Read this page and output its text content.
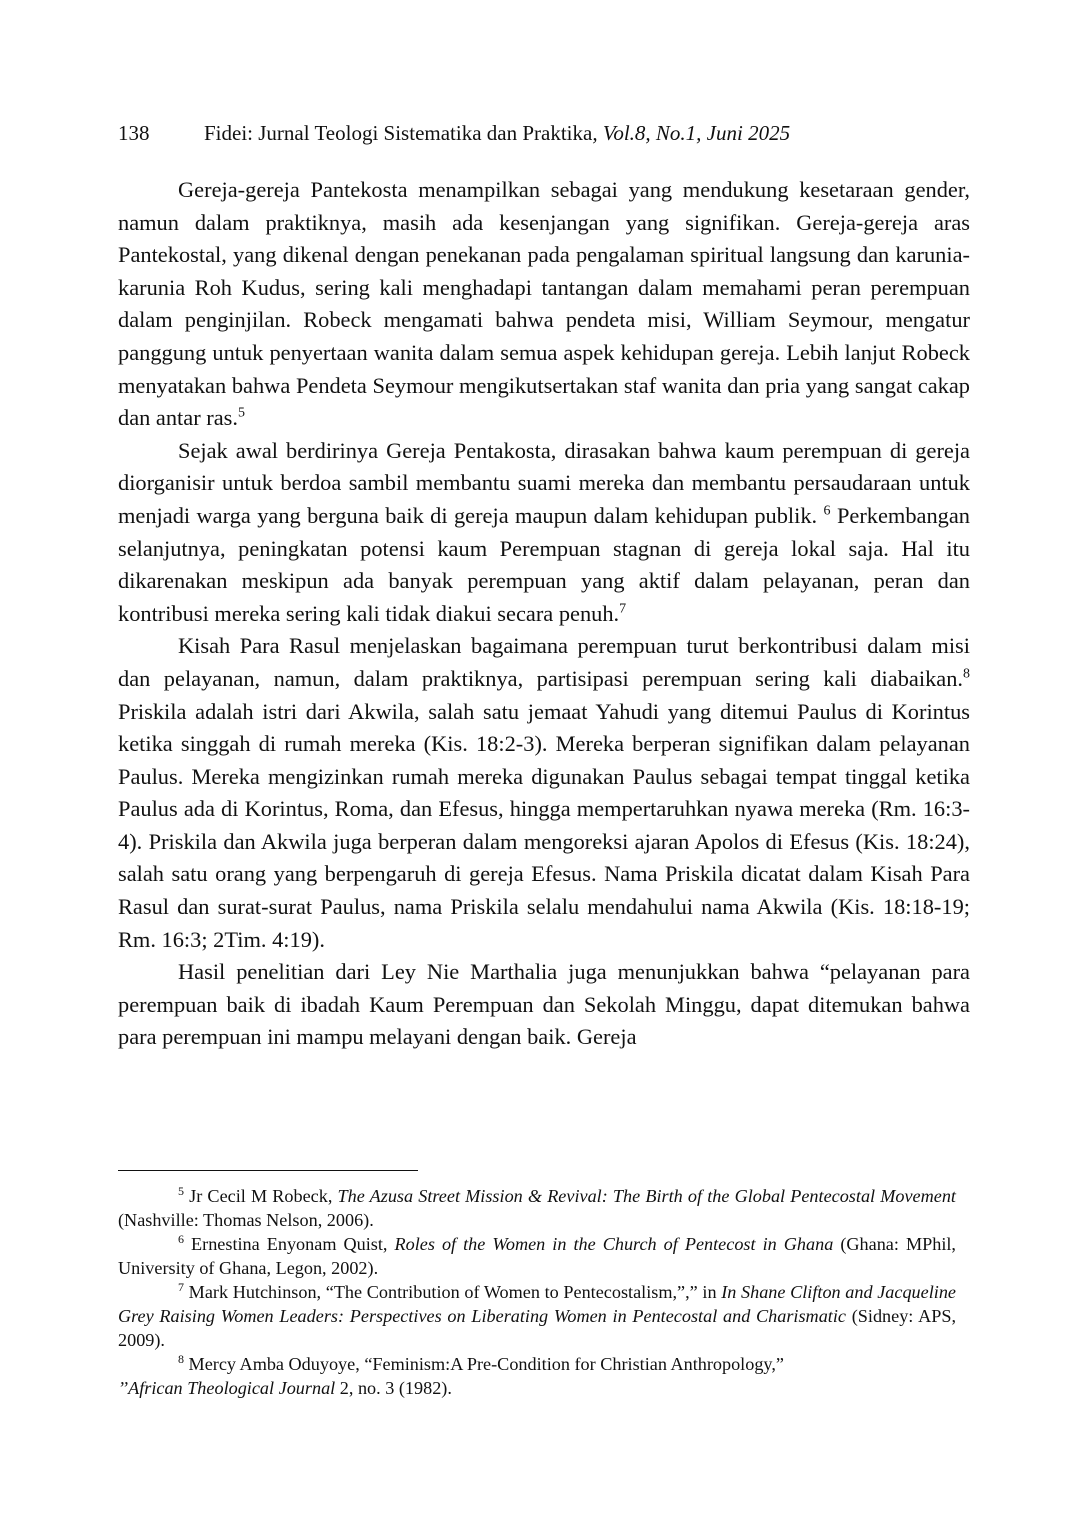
138	Fidei: Jurnal Teologi Sistematika dan Praktika, Vol.8, No.1, Juni 2025

Gereja-gereja Pantekosta menampilkan sebagai yang mendukung kesetaraan gender, namun dalam praktiknya, masih ada kesenjangan yang signifikan. Gereja-gereja aras Pantekostal, yang dikenal dengan penekanan pada pengalaman spiritual langsung dan karunia-karunia Roh Kudus, sering kali menghadapi tantangan dalam memahami peran perempuan dalam penginjilan. Robeck mengamati bahwa pendeta misi, William Seymour, mengatur panggung untuk penyertaan wanita dalam semua aspek kehidupan gereja. Lebih lanjut Robeck menyatakan bahwa Pendeta Seymour mengikutsertakan staf wanita dan pria yang sangat cakap dan antar ras.$^5$

Sejak awal berdirinya Gereja Pentakosta, dirasakan bahwa kaum perempuan di gereja diorganisir untuk berdoa sambil membantu suami mereka dan membantu persaudaraan untuk menjadi warga yang berguna baik di gereja maupun dalam kehidupan publik. $^6$ Perkembangan selanjutnya, peningkatan potensi kaum Perempuan stagnan di gereja lokal saja. Hal itu dikarenakan meskipun ada banyak perempuan yang aktif dalam pelayanan, peran dan kontribusi mereka sering kali tidak diakui secara penuh.$^7$

Kisah Para Rasul menjelaskan bagaimana perempuan turut berkontribusi dalam misi dan pelayanan, namun, dalam praktiknya, partisipasi perempuan sering kali diabaikan.$^8$ Priskila adalah istri dari Akwila, salah satu jemaat Yahudi yang ditemui Paulus di Korintus ketika singgah di rumah mereka (Kis. 18:2-3). Mereka berperan signifikan dalam pelayanan Paulus. Mereka mengizinkan rumah mereka digunakan Paulus sebagai tempat tinggal ketika Paulus ada di Korintus, Roma, dan Efesus, hingga mempertaruhkan nyawa mereka (Rm. 16:3-4). Priskila dan Akwila juga berperan dalam mengoreksi ajaran Apolos di Efesus (Kis. 18:24), salah satu orang yang berpengaruh di gereja Efesus. Nama Priskila dicatat dalam Kisah Para Rasul dan surat-surat Paulus, nama Priskila selalu mendahului nama Akwila (Kis. 18:18-19; Rm. 16:3; 2Tim. 4:19).

Hasil penelitian dari Ley Nie Marthalia juga menunjukkan bahwa “pelayanan para perempuan baik di ibadah Kaum Perempuan dan Sekolah Minggu, dapat ditemukan bahwa para perempuan ini mampu melayani dengan baik. Gereja

$^5$ Jr Cecil M Robeck, The Azusa Street Mission & Revival: The Birth of the Global Pentecostal Movement (Nashville: Thomas Nelson, 2006).

$^6$ Ernestina Enyonam Quist, Roles of the Women in the Church of Pentecost in Ghana (Ghana: MPhil, University of Ghana, Legon, 2002).

$^7$ Mark Hutchinson, “The Contribution of Women to Pentecostalism,”,” in In Shane Clifton and Jacqueline Grey Raising Women Leaders: Perspectives on Liberating Women in Pentecostal and Charismatic (Sidney: APS, 2009).

$^8$ Mercy Amba Oduyoye, “Feminism:A Pre-Condition for Christian Anthropology,”
’’African Theological Journal 2, no. 3 (1982).
